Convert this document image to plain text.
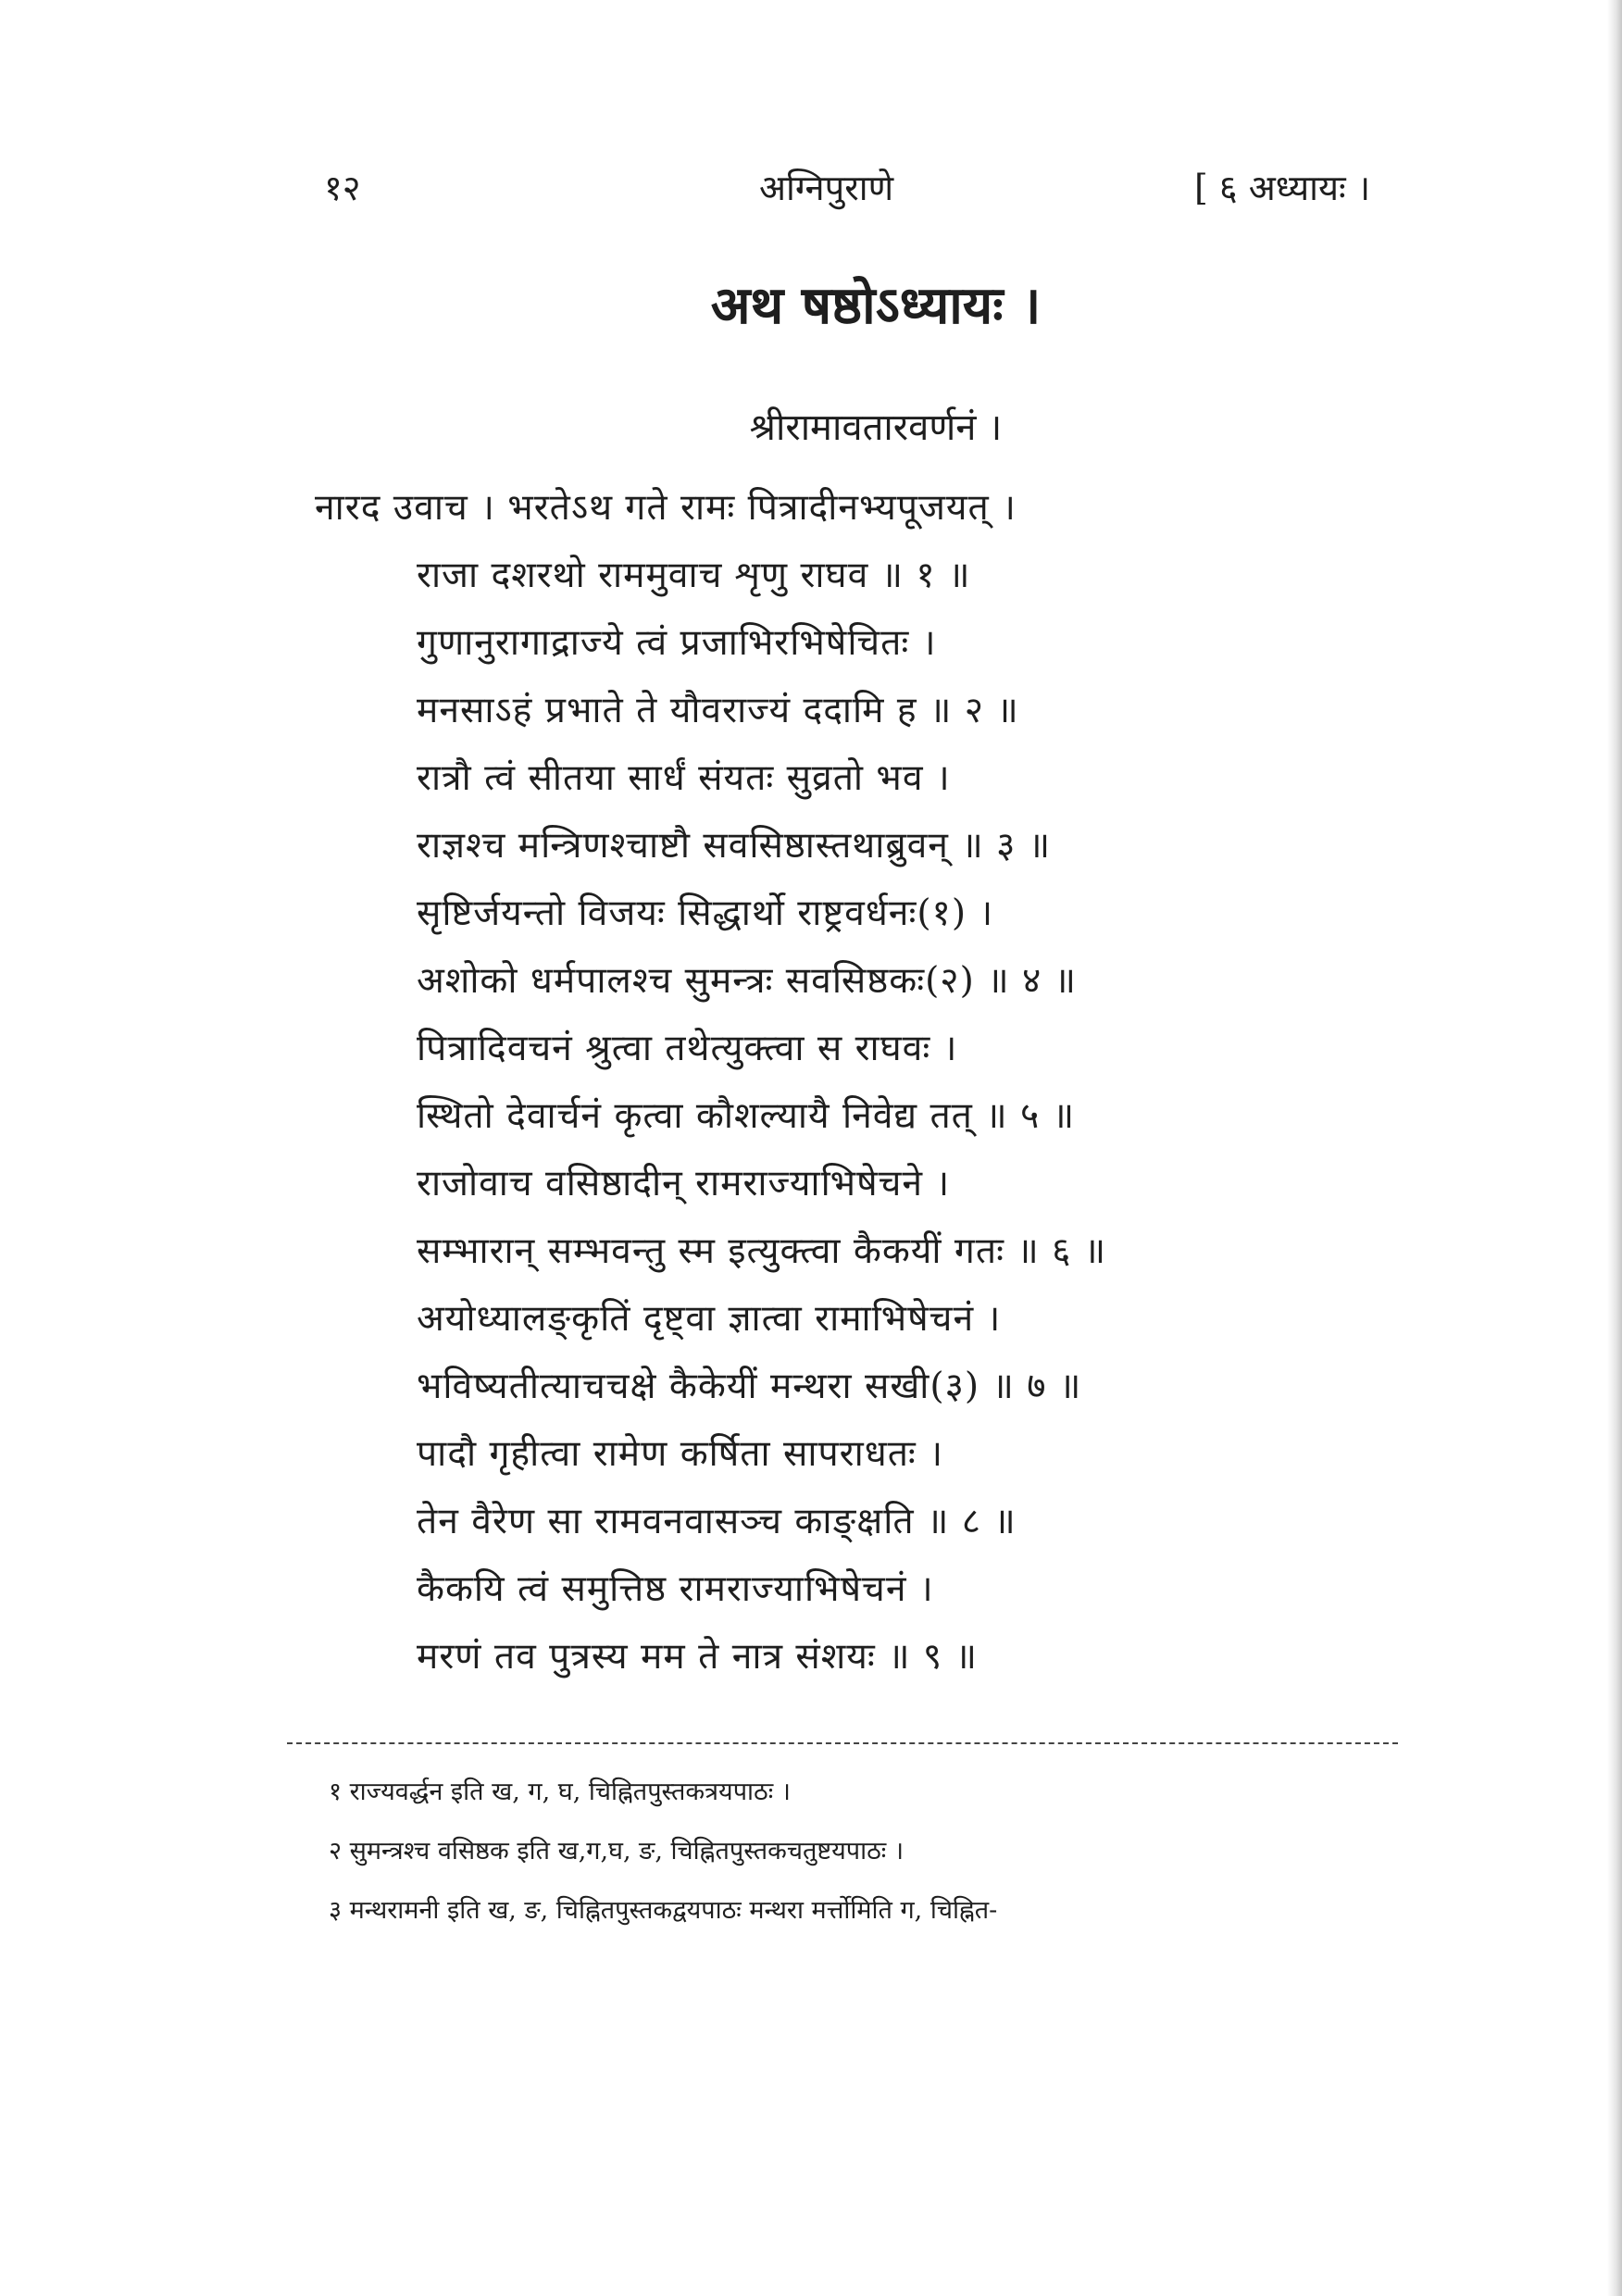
१२	अग्निपुराणे	[ ६ अध्यायः ।
अथ षष्ठोऽध्यायः ।
श्रीरामावतारवर्णनं ।
नारद उवाच । भरतेऽथ गते रामः पित्रादीनभ्यपूजयत् ।
राजा दशरथो राममुवाच शृणु राघव ॥ १ ॥
गुणानुरागाद्राज्ये त्वं प्रजाभिरभिषेचितः ।
मनसाऽहं प्रभाते ते यौवराज्यं ददामि ह ॥ २ ॥
रात्रौ त्वं सीतया सार्धं संयतः सुव्रतो भव ।
राज्ञश्च मन्त्रिणश्चाष्टौ सवसिष्ठास्तथाब्रुवन् ॥ ३ ॥
सृष्टिर्जयन्तो विजयः सिद्धार्थो राष्ट्रवर्धनः(१) ।
अशोको धर्मपालश्च सुमन्त्रः सवसिष्ठकः(२) ॥ ४ ॥
पित्रादिवचनं श्रुत्वा तथेत्युक्त्वा स राघवः ।
स्थितो देवार्चनं कृत्वा कौशल्यायै निवेद्य तत् ॥ ५ ॥
राजोवाच वसिष्ठादीन् रामराज्याभिषेचने ।
सम्भारान् सम्भवन्तु स्म इत्युक्त्वा कैकयीं गतः ॥ ६ ॥
अयोध्यालङ्कृतिं दृष्ट्वा ज्ञात्वा रामाभिषेचनं ।
भविष्यतीत्याचचक्षे कैकेयीं मन्थरा सखी(३) ॥ ७ ॥
पादौ गृहीत्वा रामेण कर्षिता सापराधतः ।
तेन वैरेण सा रामवनवासञ्च काङ्क्षति ॥ ८ ॥
कैकयि त्वं समुत्तिष्ठ रामराज्याभिषेचनं ।
मरणं तव पुत्रस्य मम ते नात्र संशयः ॥ ९ ॥
१ राज्यवर्द्धन इति ख, ग, घ, चिह्नितपुस्तकत्रयपाठः ।
२ सुमन्त्रश्च वसिष्ठक इति ख,ग,घ, ङ, चिह्नितपुस्तकचतुष्टयपाठः ।
३ मन्थरामनी इति ख, ङ, चिह्नितपुस्तकद्वयपाठः मन्थरा मर्त्तोमिति ग, चिह्नित-
